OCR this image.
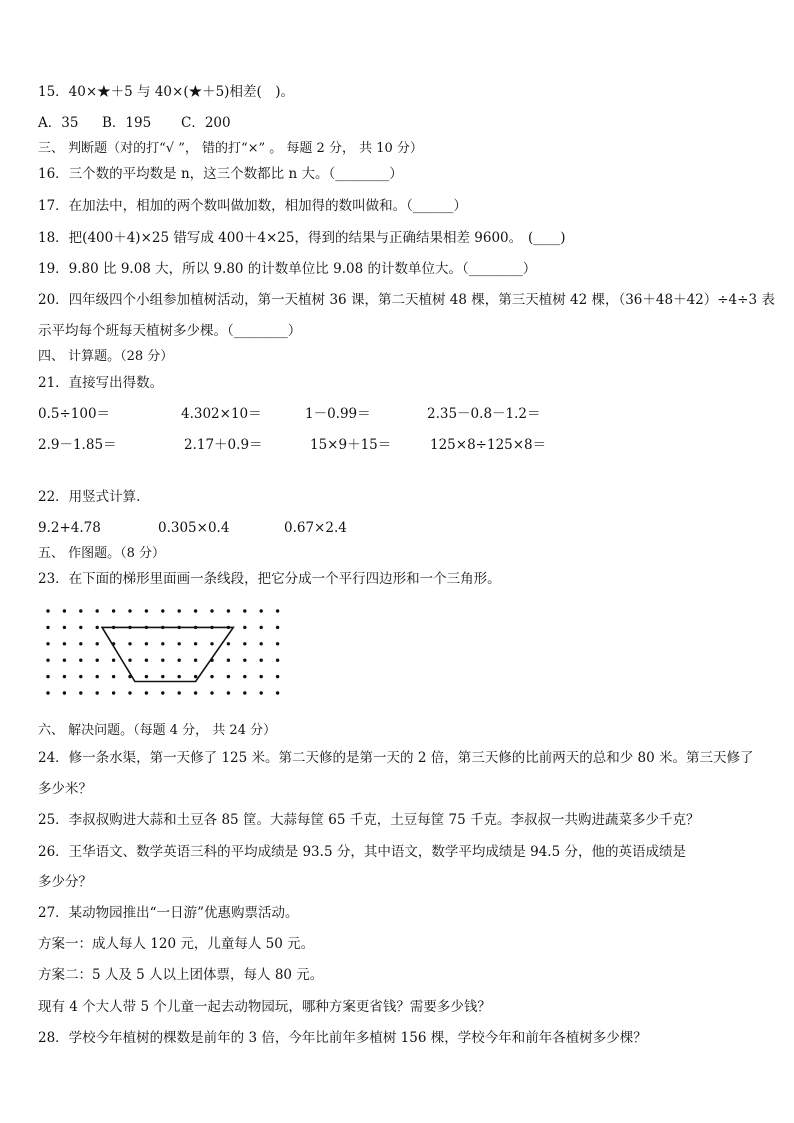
15．40×★＋5 与 40×(★＋5)相差(　)。
A．35 B．195 C．200
三、 判断题（对的打“√ ”， 错的打“×” 。 每题 2 分， 共 10 分）
16．三个数的平均数是 n，这三个数都比 n 大。（________）
17．在加法中，相加的两个数叫做加数，相加得的数叫做和。（______）
18．把(400＋4)×25 错写成 400＋4×25，得到的结果与正确结果相差 9600。 (____)
19．9.80 比 9.08 大，所以 9.80 的计数单位比 9.08 的计数单位大。（________）
20．四年级四个小组参加植树活动，第一天植树 36 课，第二天植树 48 棵，第三天植树 42 棵，（36＋48＋42）÷4÷3 表
示平均每个班每天植树多少棵。（________）
四、 计算题。（28 分）
21．直接写出得数。
0.5÷100＝	4.302×10＝	1－0.99＝	2.35－0.8－1.2＝
2.9－1.85＝	2.17＋0.9＝	15×9＋15＝	125×8÷125×8＝
22．用竖式计算.
9.2+4.78	0.305×0.4	0.67×2.4
五、 作图题。（8 分）
23．在下面的梯形里面画一条线段，把它分成一个平行四边形和一个三角形。
六、 解决问题。（每题 4 分， 共 24 分）
24．修一条水渠，第一天修了 125 米。第二天修的是第一天的 2 倍，第三天修的比前两天的总和少 80 米。第三天修了
多少米？
25．李叔叔购进大蒜和土豆各 85 筐。大蒜每筐 65 千克，土豆每筐 75 千克。李叔叔一共购进蔬菜多少千克？
26．王华语文、数学英语三科的平均成绩是 93.5 分，其中语文，数学平均成绩是 94.5 分，他的英语成绩是
多少分？
27．某动物园推出“一日游”优惠购票活动。
方案一：成人每人 120 元，儿童每人 50 元。
方案二：5 人及 5 人以上团体票，每人 80 元。
现有 4 个大人带 5 个儿童一起去动物园玩，哪种方案更省钱？需要多少钱？
28．学校今年植树的棵数是前年的 3 倍，今年比前年多植树 156 棵，学校今年和前年各植树多少棵？
